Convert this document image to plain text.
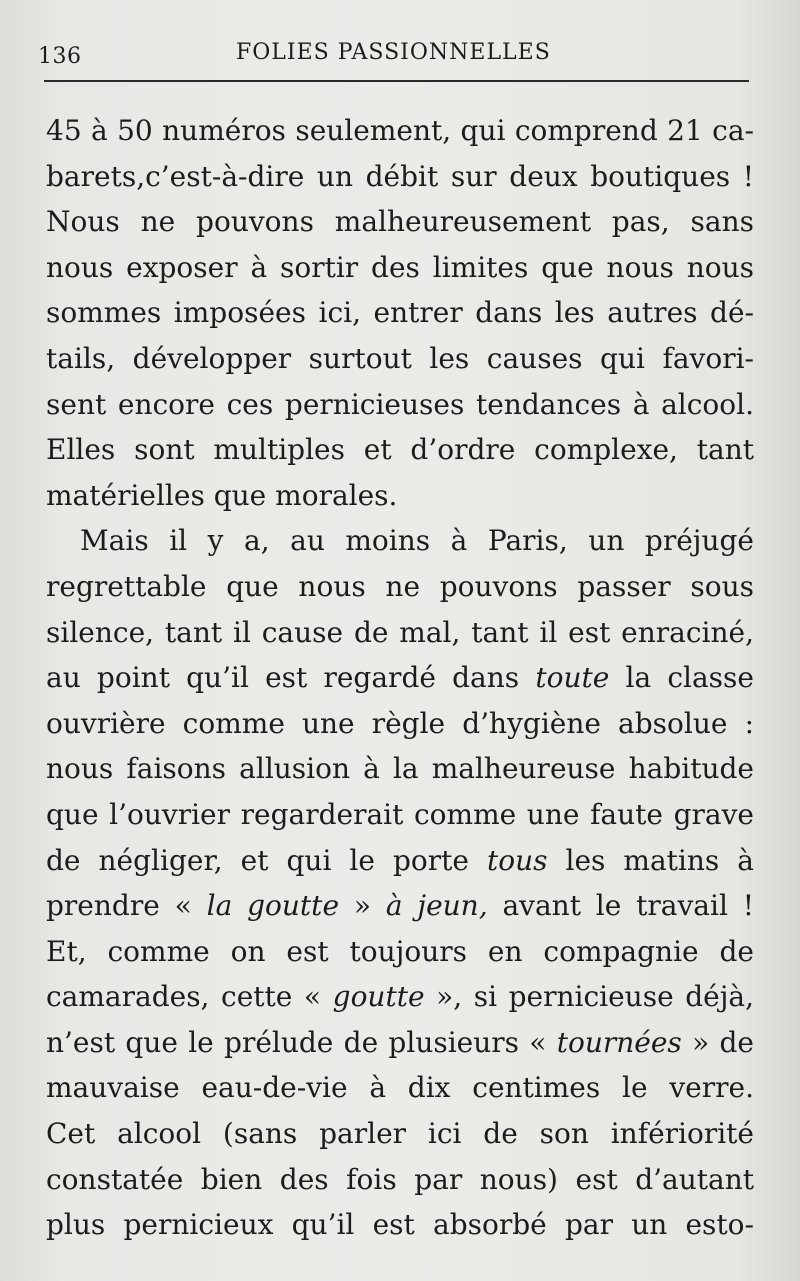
136	FOLIES PASSIONNELLES
45 à 50 numéros seulement, qui comprend 21 ca-
barets,c’est-à-dire un débit sur deux boutiques !
Nous ne pouvons malheureusement pas, sans
nous exposer à sortir des limites que nous nous
sommes imposées ici, entrer dans les autres dé-
tails, développer surtout les causes qui favori-
sent encore ces pernicieuses tendances à alcool.
Elles sont multiples et d’ordre complexe, tant
matérielles que morales.
Mais il y a, au moins à Paris, un préjugé
regrettable que nous ne pouvons passer sous
silence, tant il cause de mal, tant il est enraciné,
au point qu’il est regardé dans toute la classe
ouvrière comme une règle d’hygiène absolue :
nous faisons allusion à la malheureuse habitude
que l’ouvrier regarderait comme une faute grave
de négliger, et qui le porte tous les matins à
prendre « la goutte » à jeun, avant le travail !
Et, comme on est toujours en compagnie de
camarades, cette « goutte », si pernicieuse déjà,
n’est que le prélude de plusieurs « tournées » de
mauvaise eau-de-vie à dix centimes le verre.
Cet alcool (sans parler ici de son infériorité
constatée bien des fois par nous) est d’autant
plus pernicieux qu’il est absorbé par un esto-
